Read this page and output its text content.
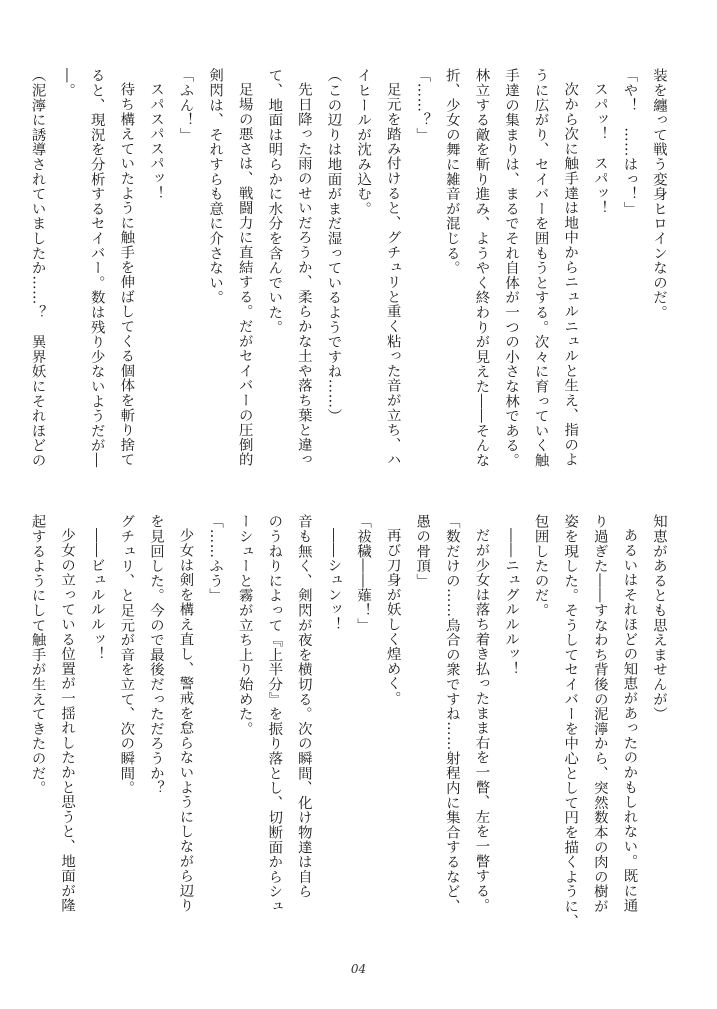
装を纏って戦う変身ヒロインなのだ。
「や！　……はっ！」
スパッ！　スパッ！
次から次に触手達は地中からニュルニュルと生え、指のよ
うに広がり、セイバーを囲もうとする。次々に育っていく触
手達の集まりは、まるでそれ自体が一つの小さな林である。
林立する敵を斬り進み、ようやく終わりが見えた――そんな
折、少女の舞に雑音が混じる。
「……？」
足元を踏み付けると、グチュリと重く粘った音が立ち、ハ
イヒールが沈み込む。
（この辺りは地面がまだ湿っているようですね……）
先日降った雨のせいだろうか、柔らかな土や落ち葉と違っ
て、地面は明らかに水分を含んでいた。
足場の悪さは、戦闘力に直結する。だがセイバーの圧倒的
剣閃は、それすらも意に介さない。
「ふん！」
スパスパスパッ！
待ち構えていたように触手を伸ばしてくる個体を斬り捨て
ると、現況を分析するセイバー。数は残り少ないようだが―
―。
（泥濘に誘導されていましたか……？　異界妖にそれほどの
知恵があるとも思えませんが）
あるいはそれほどの知恵があったのかもしれない。既に通
り過ぎた――すなわち背後の泥濘から、突然数本の肉の樹が
姿を現した。そうしてセイバーを中心として円を描くように、
包囲したのだ。
――ニュグルルルッ！
だが少女は落ち着き払ったまま右を一瞥、左を一瞥する。
「数だけの……烏合の衆ですね……射程内に集合するなど、
愚の骨頂」
再び刀身が妖しく煌めく。
「祓穢――薙！」
――シュンッ！
音も無く、剣閃が夜を横切る。次の瞬間、化け物達は自ら
のうねりによって『上半分』を振り落とし、切断面からシュ
ーシューと霧が立ち上り始めた。
「……ふう」
少女は剣を構え直し、警戒を怠らないようにしながら辺り
を見回した。今ので最後だっただろうか？
グチュリ、と足元が音を立て、次の瞬間。
――ビュルルルッ！
少女の立っている位置が一揺れしたかと思うと、地面が隆
起するようにして触手が生えてきたのだ。
04
